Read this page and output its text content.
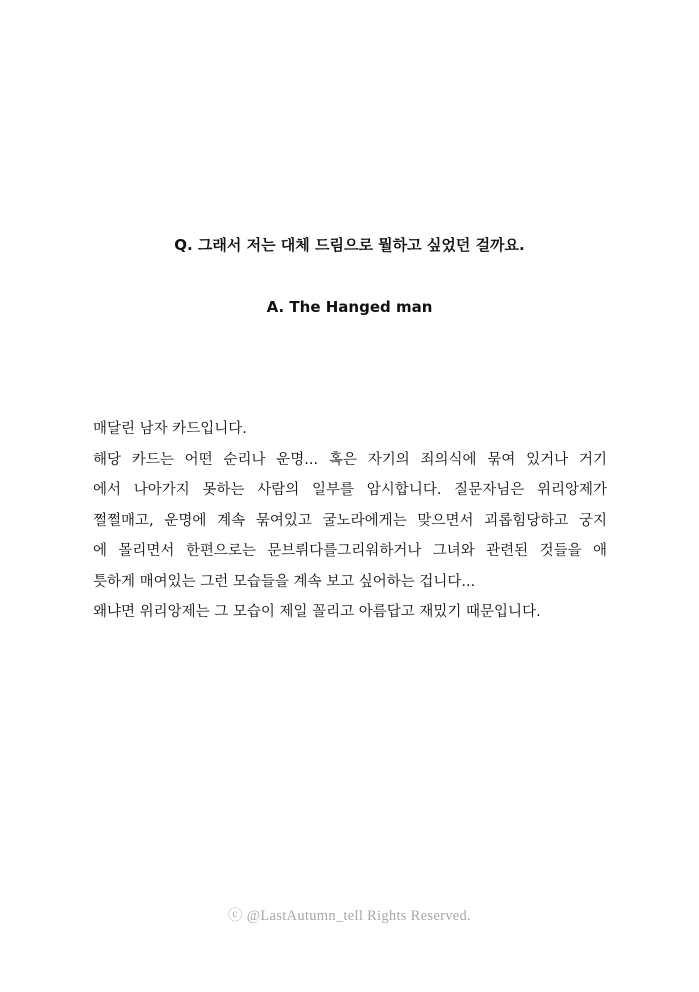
Q. 그래서 저는 대체 드림으로 뭘하고 싶었던 걸까요.
A. The Hanged man
매달린 남자 카드입니다.
해당 카드는 어떤 순리나 운명... 혹은 자기의 죄의식에 묶여 있거나 거기
에서 나아가지 못하는 사람의 일부를 암시합니다. 질문자님은 위리앙제가
쩔쩔매고, 운명에 계속 묶여있고 굴노라에게는 맞으면서 괴롭힘당하고 궁지
에 몰리면서 한편으로는 문브뤼다를그리워하거나 그녀와 관련된 것들을 애
틋하게 매여있는 그런 모습들을 계속 보고 싶어하는 겁니다...
왜냐면 위리앙제는 그 모습이 제일 꼴리고 아름답고 재밌기 때문입니다.
ⓒ @LastAutumn_tell Rights Reserved.
